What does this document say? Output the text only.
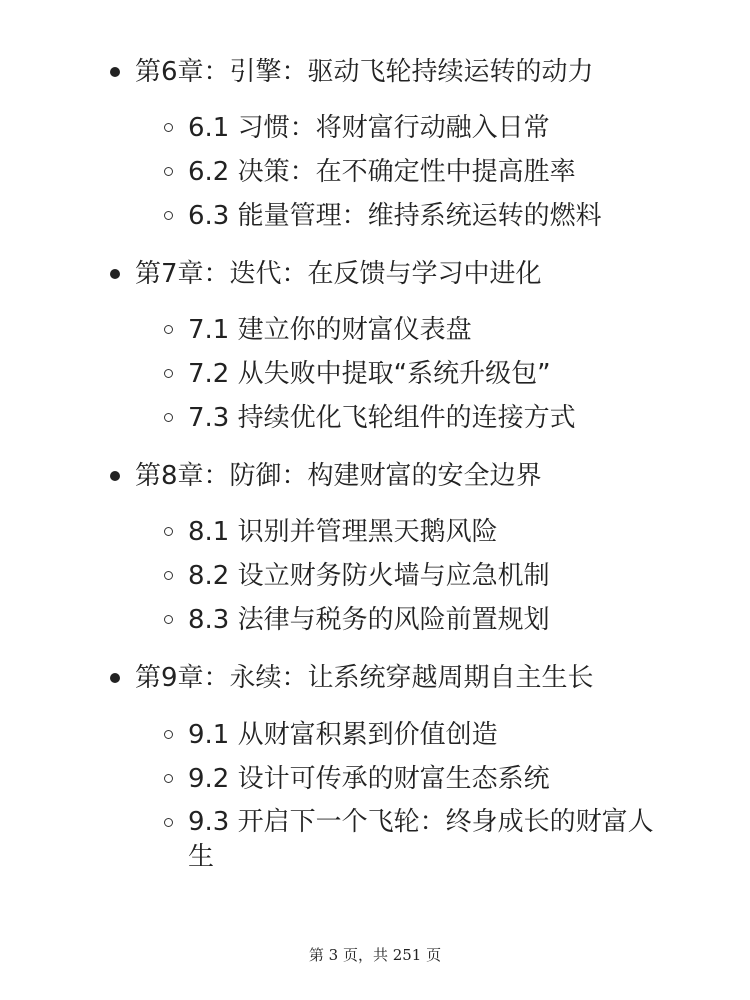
第6章：引擎：驱动飞轮持续运转的动力
6.1 习惯：将财富行动融入日常
6.2 决策：在不确定性中提高胜率
6.3 能量管理：维持系统运转的燃料
第7章：迭代：在反馈与学习中进化
7.1 建立你的财富仪表盘
7.2 从失败中提取“系统升级包”
7.3 持续优化飞轮组件的连接方式
第8章：防御：构建财富的安全边界
8.1 识别并管理黑天鹅风险
8.2 设立财务防火墙与应急机制
8.3 法律与税务的风险前置规划
第9章：永续：让系统穿越周期自主生长
9.1 从财富积累到价值创造
9.2 设计可传承的财富生态系统
9.3 开启下一个飞轮：终身成长的财富人生
第 3 页，共 251 页
